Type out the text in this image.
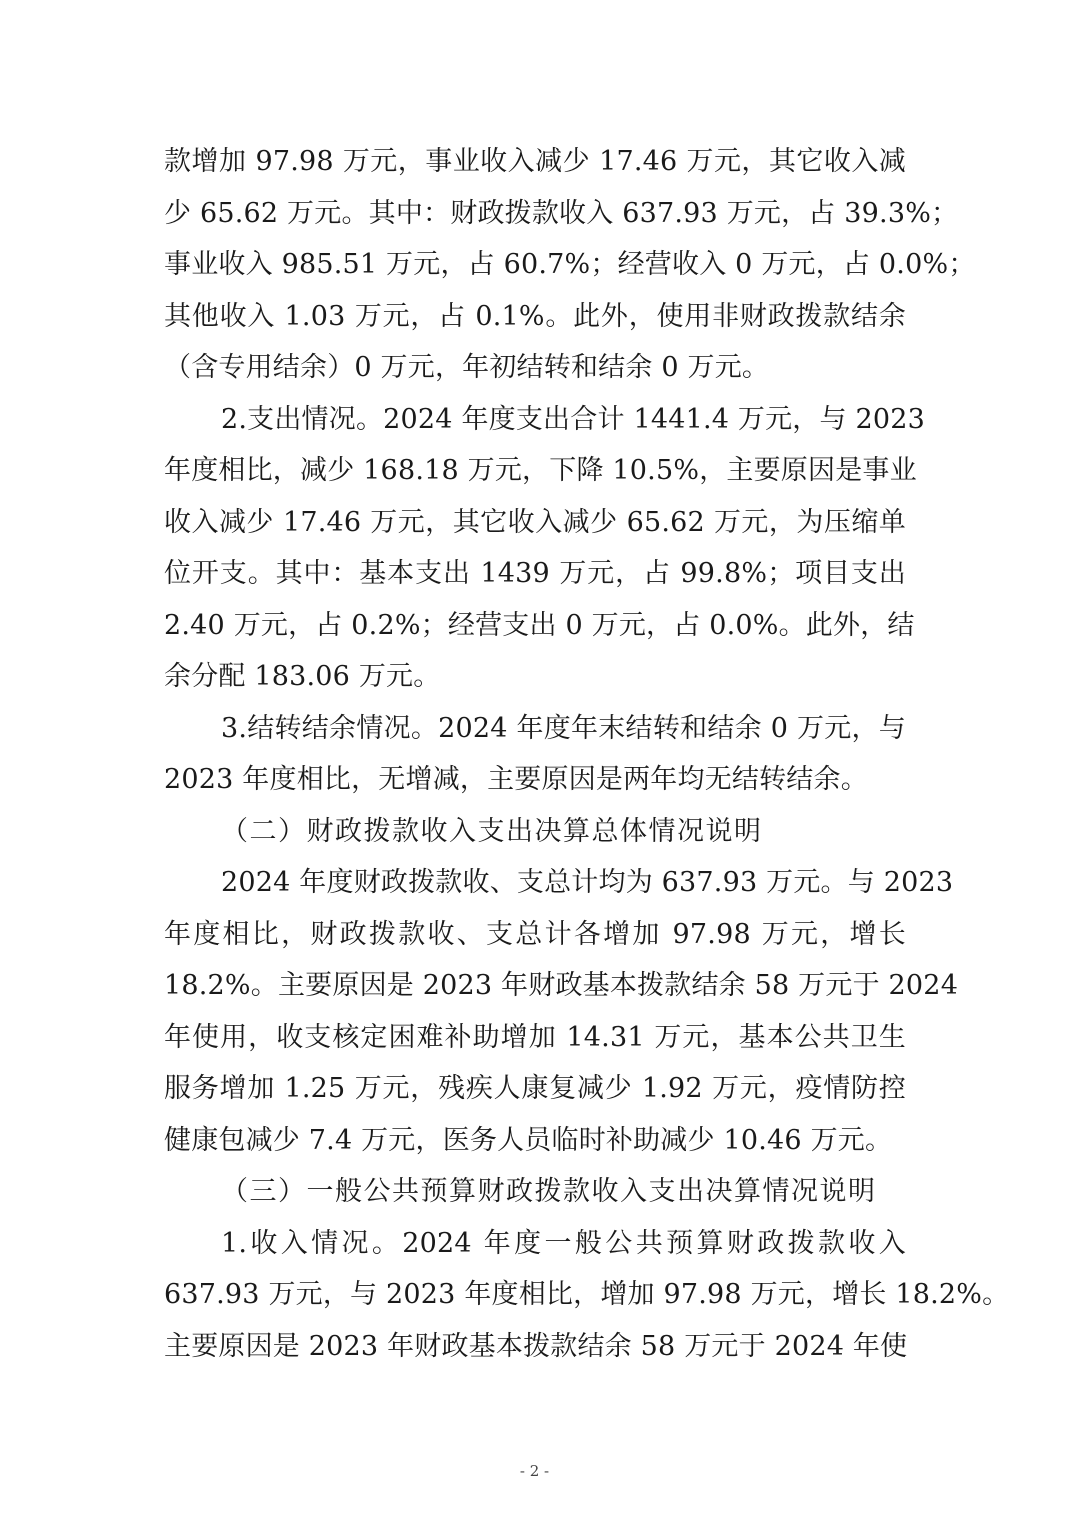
款增加 97.98 万元，事业收入减少 17.46 万元，其它收入减
少 65.62 万元。其中：财政拨款收入 637.93 万元，占 39.3%；
事业收入 985.51 万元，占 60.7%；经营收入 0 万元，占 0.0%；
其他收入 1.03 万元，占 0.1%。此外，使用非财政拨款结余
（含专用结余）0 万元，年初结转和结余 0 万元。
2.支出情况。2024 年度支出合计 1441.4 万元，与 2023
年度相比，减少 168.18 万元，下降 10.5%，主要原因是事业
收入减少 17.46 万元，其它收入减少 65.62 万元，为压缩单
位开支。其中：基本支出 1439 万元，占 99.8%；项目支出
2.40 万元，占 0.2%；经营支出 0 万元，占 0.0%。此外，结
余分配 183.06 万元。
3.结转结余情况。2024 年度年末结转和结余 0 万元，与
2023 年度相比，无增减，主要原因是两年均无结转结余。
（二）财政拨款收入支出决算总体情况说明
2024 年度财政拨款收、支总计均为 637.93 万元。与 2023
年度相比，财政拨款收、支总计各增加 97.98 万元，增长
18.2%。主要原因是 2023 年财政基本拨款结余 58 万元于 2024
年使用，收支核定困难补助增加 14.31 万元，基本公共卫生
服务增加 1.25 万元，残疾人康复减少 1.92 万元，疫情防控
健康包减少 7.4 万元，医务人员临时补助减少 10.46 万元。
（三）一般公共预算财政拨款收入支出决算情况说明
1.收入情况。2024 年度一般公共预算财政拨款收入
637.93 万元，与 2023 年度相比，增加 97.98 万元，增长 18.2%。
主要原因是 2023 年财政基本拨款结余 58 万元于 2024 年使
- 2 -
